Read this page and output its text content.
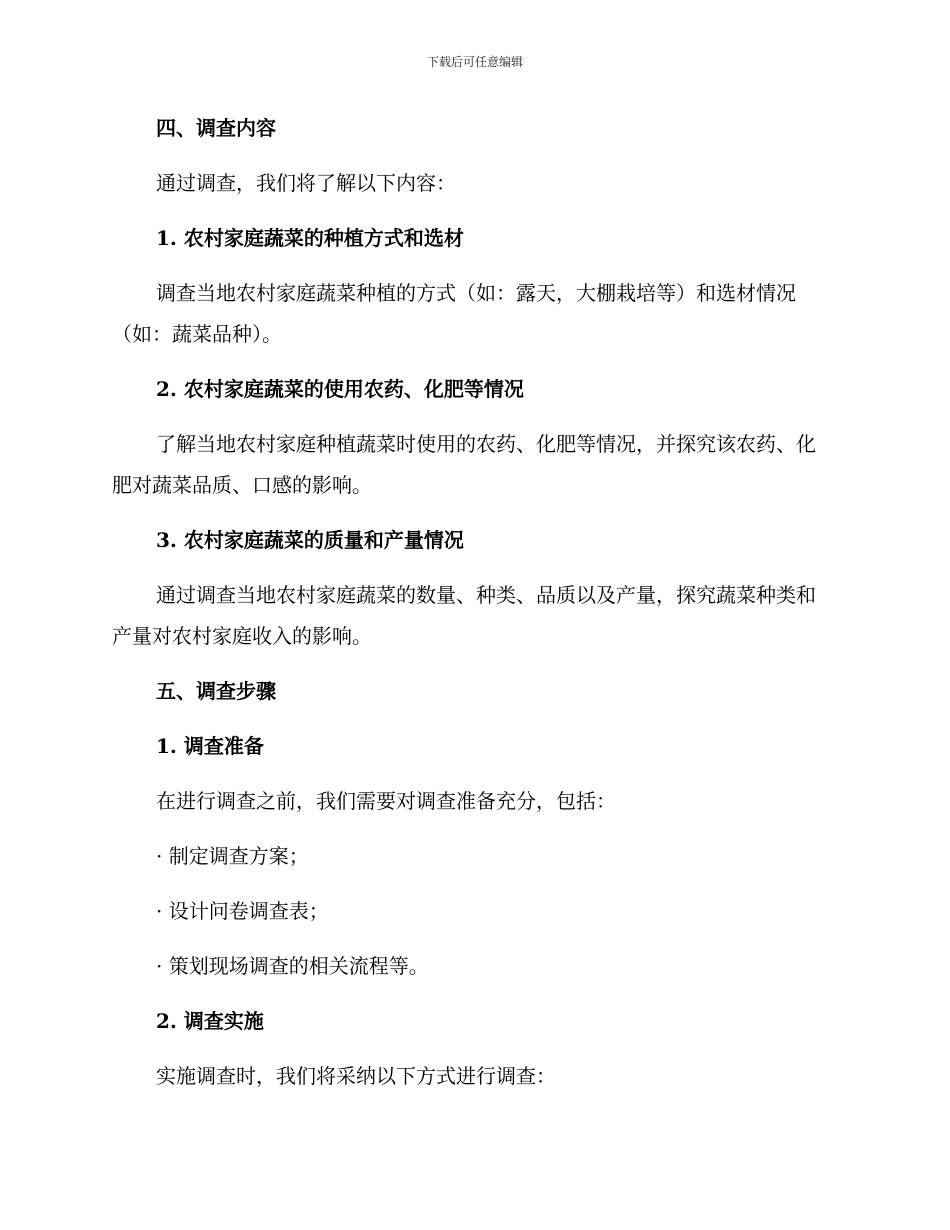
下载后可任意编辑
四、调查内容
通过调查，我们将了解以下内容：
1. 农村家庭蔬菜的种植方式和选材
调查当地农村家庭蔬菜种植的方式（如：露天，大棚栽培等）和选材情况（如：蔬菜品种）。
2. 农村家庭蔬菜的使用农药、化肥等情况
了解当地农村家庭种植蔬菜时使用的农药、化肥等情况，并探究该农药、化肥对蔬菜品质、口感的影响。
3. 农村家庭蔬菜的质量和产量情况
通过调查当地农村家庭蔬菜的数量、种类、品质以及产量，探究蔬菜种类和产量对农村家庭收入的影响。
五、调查步骤
1. 调查准备
在进行调查之前，我们需要对调查准备充分，包括：
· 制定调查方案；
· 设计问卷调查表；
· 策划现场调查的相关流程等。
2. 调查实施
实施调查时，我们将采纳以下方式进行调查：
